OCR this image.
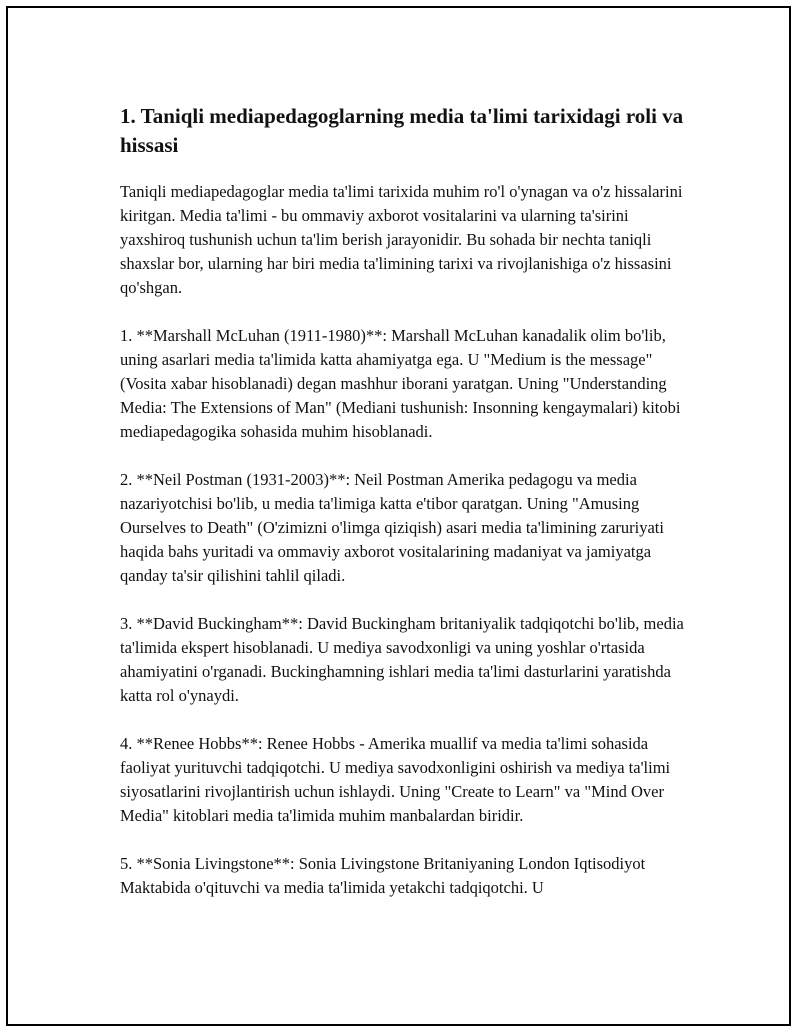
1. Taniqli mediapedagoglarning media ta'limi tarixidagi roli va hissasi

Taniqli mediapedagoglar media ta'limi tarixida muhim ro'l o'ynagan va o'z hissalarini kiritgan. Media ta'limi - bu ommaviy axborot vositalarini va ularning ta'sirini yaxshiroq tushunish uchun ta'lim berish jarayonidir. Bu sohada bir nechta taniqli shaxslar bor, ularning har biri media ta'limining tarixi va rivojlanishiga o'z hissasini qo'shgan.

1. **Marshall McLuhan (1911-1980)**: Marshall McLuhan kanadalik olim bo'lib, uning asarlari media ta'limida katta ahamiyatga ega. U "Medium is the message" (Vosita xabar hisoblanadi) degan mashhur iborani yaratgan. Uning "Understanding Media: The Extensions of Man" (Mediani tushunish: Insonning kengaymalari) kitobi mediapedagogika sohasida muhim hisoblanadi.

2. **Neil Postman (1931-2003)**: Neil Postman Amerika pedagogu va media nazariyotchisi bo'lib, u media ta'limiga katta e'tibor qaratgan. Uning "Amusing Ourselves to Death" (O'zimizni o'limga qiziqish) asari media ta'limining zaruriyati haqida bahs yuritadi va ommaviy axborot vositalarining madaniyat va jamiyatga qanday ta'sir qilishini tahlil qiladi.

3. **David Buckingham**: David Buckingham britaniyalik tadqiqotchi bo'lib, media ta'limida ekspert hisoblanadi. U mediya savodxonligi va uning yoshlar o'rtasida ahamiyatini o'rganadi. Buckinghamning ishlari media ta'limi dasturlarini yaratishda katta rol o'ynaydi.

4. **Renee Hobbs**: Renee Hobbs - Amerika muallif va media ta'limi sohasida faoliyat yurituvchi tadqiqotchi. U mediya savodxonligini oshirish va mediya ta'limi siyosatlarini rivojlantirish uchun ishlaydi. Uning "Create to Learn" va "Mind Over Media" kitoblari media ta'limida muhim manbalardan biridir.

5. **Sonia Livingstone**: Sonia Livingstone Britaniyaning London Iqtisodiyot Maktabida o'qituvchi va media ta'limida yetakchi tadqiqotchi. U
